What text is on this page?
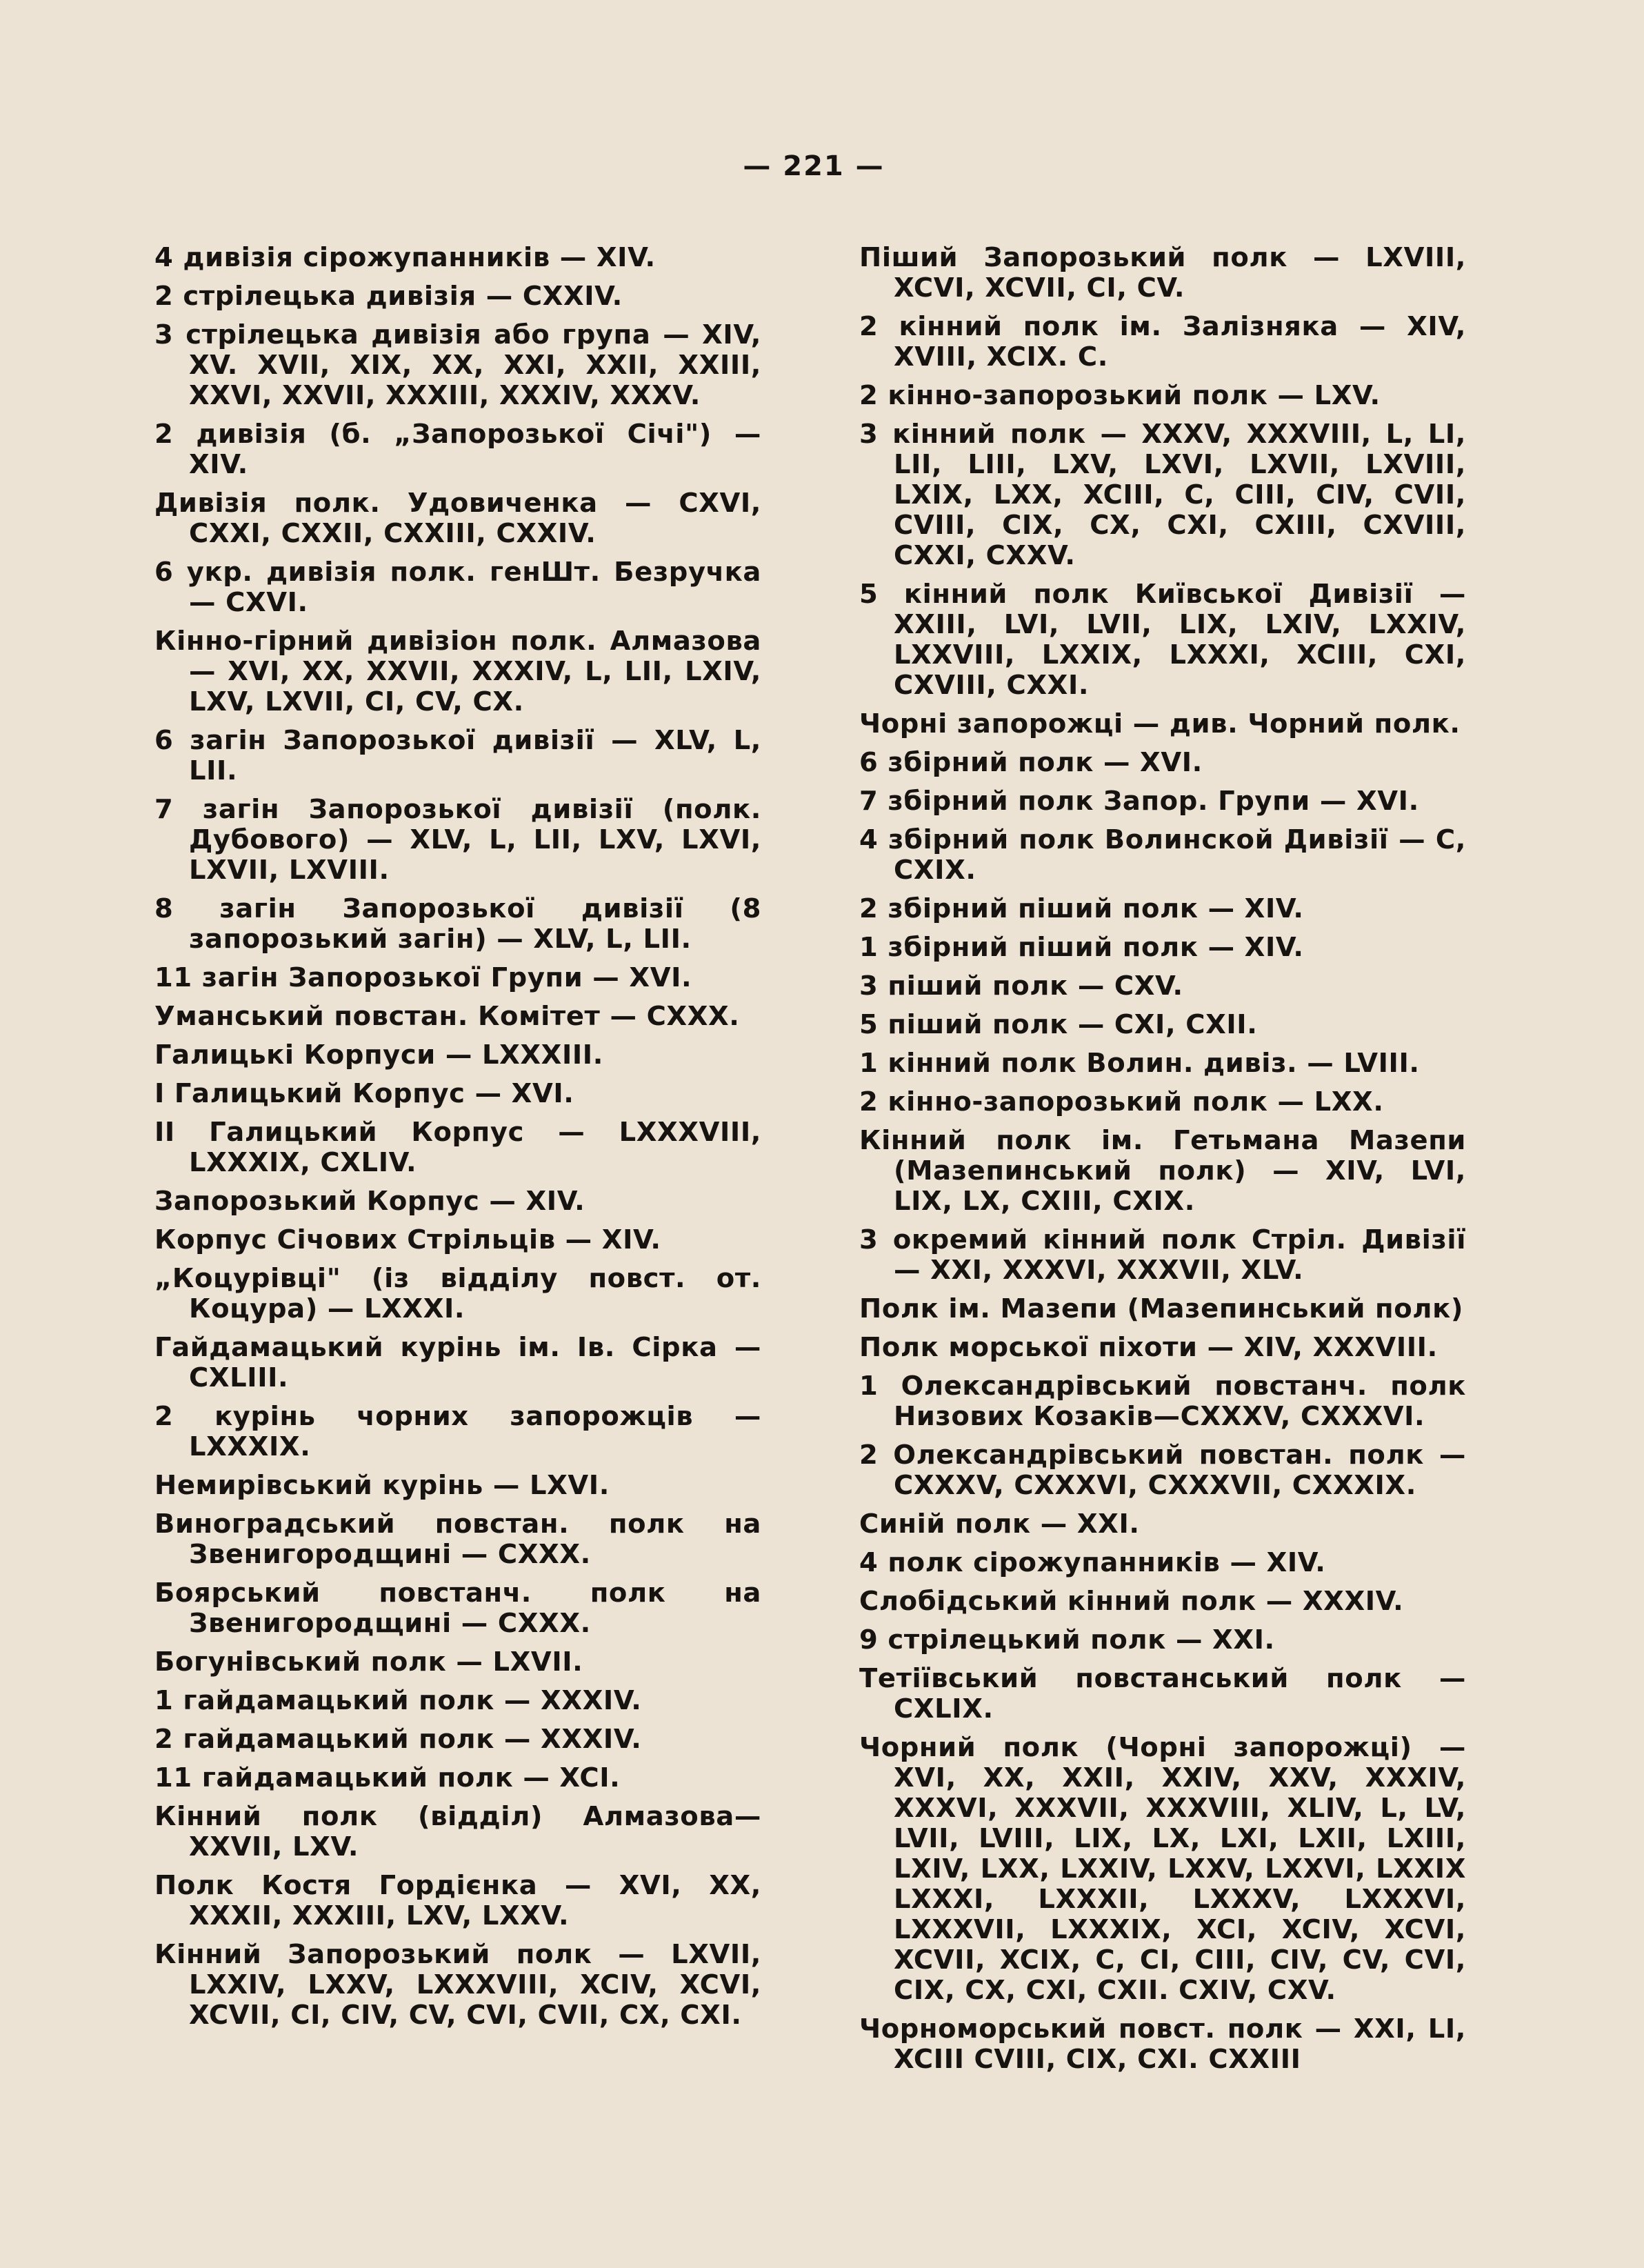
— 221 —

4 дивізія сірожупанників — XIV.

2 стрілецька дивізія — CXXIV.

3 стрілецька дивізія або група — XIV, XV. XVII, XIX, XX, XXI, XXII, XXIII, XXVI, XXVII, XXXIII, XXXIV, XXXV.

2 дивізія (б. „Запорозької Січі") — XIV.

Дивізія полк. Удовиченка — CXVI, CXXI, CXXII, CXXIII, CXXIV.

6 укр. дивізія полк. генШт. Безручка— CXVI.

Кінно-гірний дивізіон полк. Алмазова — XVI, XX, XXVII, XXXIV, L, LII, LXIV, LXV, LXVII, CI, CV, CX.

6 загін Запорозької дивізії — XLV, L, LII.

7 загін Запорозької дивізії (полк. Дубового) — XLV, L, LII, LXV, LXVI, LXVII, LXVIII.

8 загін Запорозької дивізії (8 запорозький загін) — XLV, L, LII.

11 загін Запорозької Групи — XVI.

Уманський повстан. Комітет — CXXX.

Галицькі Корпуси — LXXXIII.

I Галицький Корпус — XVI.

II Галицький Корпус — LXXXVIII, LXXXIX, CXLIV.

Запорозький Корпус — XIV.

Корпус Січових Стрільців — XIV.

„Коцурівці" (із відділу повст. от. Коцура) — LXXXI.

Гайдамацький курінь ім. Ів. Сірка — CXLIII.

2 курінь чорних запорожців — LXXXIX.

Немирівський курінь — LXVI.

Виноградський повстан. полк на Звенигородщині — CXXX.

Боярський повстанч. полк на Звенигородщині — CXXX.

Богунівський полк — LXVII.

1 гайдамацький полк — XXXIV.

2 гайдамацький полк — XXXIV.

11 гайдамацький полк — XCI.

Кінний полк (відділ) Алмазова—XXVII, LXV.

Полк Костя Гордієнка — XVI, XX, XXXII, XXXIII, LXV, LXXV.

Кінний Запорозький полк — LXVII, LXXIV, LXXV, LXXXVIII, XCIV, XCVI, XCVII, CI, CIV, CV, CVI, CVII, CX, CXI.

Піший Запорозький полк — LXVIII, XCVI, XCVII, CI, CV.

2 кінний полк ім. Залізняка — XIV, XVIII, XCIX. C.

2 кінно-запорозький полк — LXV.

3 кінний полк — XXXV, XXXVIII, L, LI, LII, LIII, LXV, LXVI, LXVII, LXVIII, LXIX, LXX, XCIII, C, CIII, CIV, CVII, CVIII, CIX, CX, CXI, CXIII, CXVIII, CXXI, CXXV.

5 кінний полк Київської Дивізії — XXIII, LVI, LVII, LIX, LXIV, LXXIV, LXXVIII, LXXIX, LXXXI, XCIII, CXI, CXVIII, CXXI.

Чорні запорожці — див. Чорний полк.

6 збірний полк — XVI.

7 збірний полк Запор. Групи — XVI.

4 збірний полк Волинской Дивізії — C, CXIX.

2 збірний піший полк — XIV.

1 збірний піший полк — XIV.

3 піший полк — CXV.

5 піший полк — CXI, CXII.

1 кінний полк Волин. дивіз. — LVIII.

2 кінно-запорозький полк — LXX.

Кінний полк ім. Гетьмана Мазепи (Мазепинський полк) — XIV, LVI, LIX, LX, CXIII, CXIX.

3 окремий кінний полк Стріл. Дивізії — XXI, XXXVI, XXXVII, XLV.

Полк ім. Мазепи (Мазепинський полк)

Полк морської піхоти — XIV, XXXVIII.

1 Олександрівський повстанч. полк Низових Козаків—CXXXV, CXXXVI.

2 Олександрівський повстан. полк — CXXXV, CXXXVI, CXXXVII, CXXXIX.

Синій полк — XXI.

4 полк сірожупанників — XIV.

Слобідський кінний полк — XXXIV.

9 стрілецький полк — XXI.

Тетіївський повстанський полк — CXLIX.

Чорний полк (Чорні запорожці) — XVI, XX, XXII, XXIV, XXV, XXXIV, XXXVI, XXXVII, XXXVIII, XLIV, L, LV, LVII, LVIII, LIX, LX, LXI, LXII, LXIII, LXIV, LXX, LXXIV, LXXV, LXXVI, LXXIX LXXXI, LXXXII, LXXXV, LXXXVI, LXXXVII, LXXXIX, XCI, XCIV, XCVI, XCVII, XCIX, C, CI, CIII, CIV, CV, CVI, CIX, CX, CXI, CXII. CXIV, CXV.

Чорноморський повст. полк — XXI, LI, XCIII CVIII, CIX, CXI. CXXIII
